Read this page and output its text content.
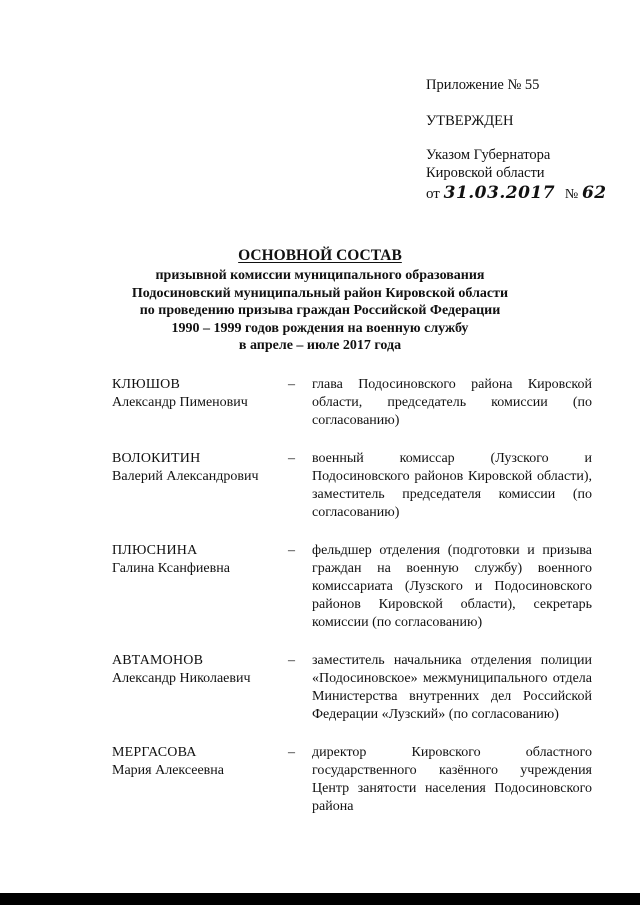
Приложение № 55
УТВЕРЖДЕН
Указом Губернатора
Кировской области
от 31.03.2017 № 62
ОСНОВНОЙ СОСТАВ
призывной комиссии муниципального образования
Подосиновский муниципальный район Кировской области
по проведению призыва граждан Российской Федерации
1990 – 1999 годов рождения на военную службу
в апреле – июле 2017 года
КЛЮШОВ
Александр Пименович
–	глава Подосиновского района Кировской области, председатель комиссии (по согласованию)
ВОЛОКИТИН
Валерий Александрович
–	военный комиссар (Лузского и Подосиновского районов Кировской области), заместитель председателя комиссии (по согласованию)
ПЛЮСНИНА
Галина Ксанфиевна
–	фельдшер отделения (подготовки и призыва граждан на военную службу) военного комиссариата (Лузского и Подосиновского районов Кировской области), секретарь комиссии (по согласованию)
АВТАМОНОВ
Александр Николаевич
–	заместитель начальника отделения полиции «Подосиновское» межмуниципального отдела Министерства внутренних дел Российской Федерации «Лузский» (по согласованию)
МЕРГАСОВА
Мария Алексеевна
–	директор Кировского областного государственного казённого учреждения Центр занятости населения Подосиновского района
